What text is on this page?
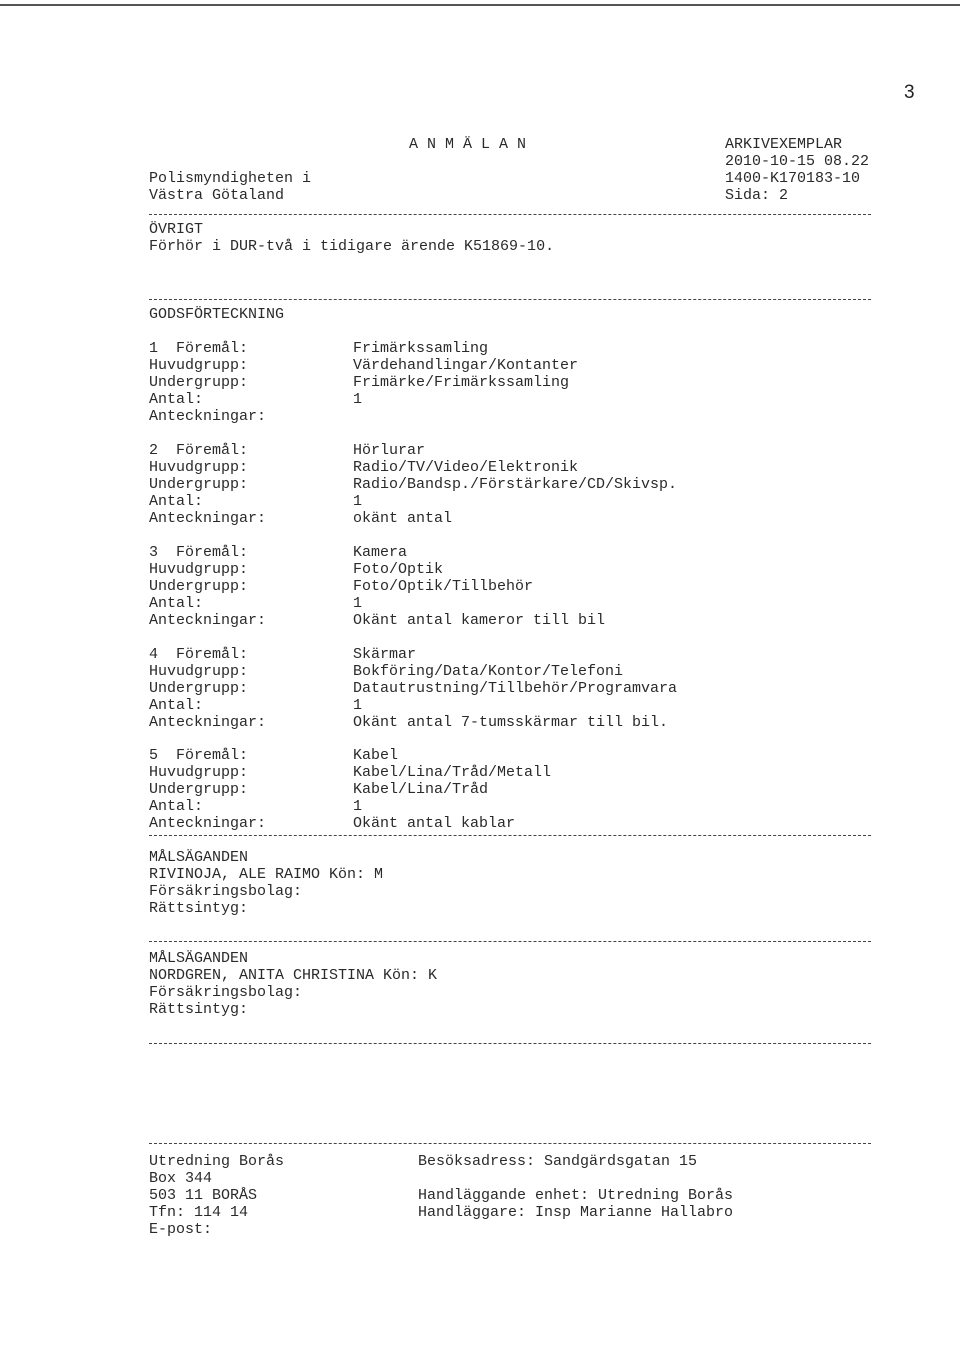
3
A N M Ä L A N	ARKIVEXEMPLAR
2010-10-15 08.22
Polismyndigheten i	1400-K170183-10
Västra Götaland	Sida: 2
ÖVRIGT
Förhör i DUR-två i tidigare ärende K51869-10.
GODSFÖRTECKNING
1  Föremål:	Frimärkssamling
Huvudgrupp:	Värdehandlingar/Kontanter
Undergrupp:	Frimärke/Frimärkssamling
Antal:	1
Anteckningar:
2  Föremål:	Hörlurar
Huvudgrupp:	Radio/TV/Video/Elektronik
Undergrupp:	Radio/Bandsp./Förstärkare/CD/Skivsp.
Antal:	1
Anteckningar:	okänt antal
3  Föremål:	Kamera
Huvudgrupp:	Foto/Optik
Undergrupp:	Foto/Optik/Tillbehör
Antal:	1
Anteckningar:	Okänt antal kameror till bil
4  Föremål:	Skärmar
Huvudgrupp:	Bokföring/Data/Kontor/Telefoni
Undergrupp:	Datautrustning/Tillbehör/Programvara
Antal:	1
Anteckningar:	Okänt antal 7-tumsskärmar till bil.
5  Föremål:	Kabel
Huvudgrupp:	Kabel/Lina/Tråd/Metall
Undergrupp:	Kabel/Lina/Tråd
Antal:	1
Anteckningar:	Okänt antal kablar
MÅLSÄGANDEN
RIVINOJA, ALE RAIMO Kön: M
Försäkringsbolag:
Rättsintyg:
MÅLSÄGANDEN
NORDGREN, ANITA CHRISTINA Kön: K
Försäkringsbolag:
Rättsintyg:
Utredning Borås	Besöksadress: Sandgärdsgatan 15
Box 344
503 11 BORÅS	Handläggande enhet: Utredning Borås
Tfn: 114 14	Handläggare: Insp Marianne Hallabro
E-post:
